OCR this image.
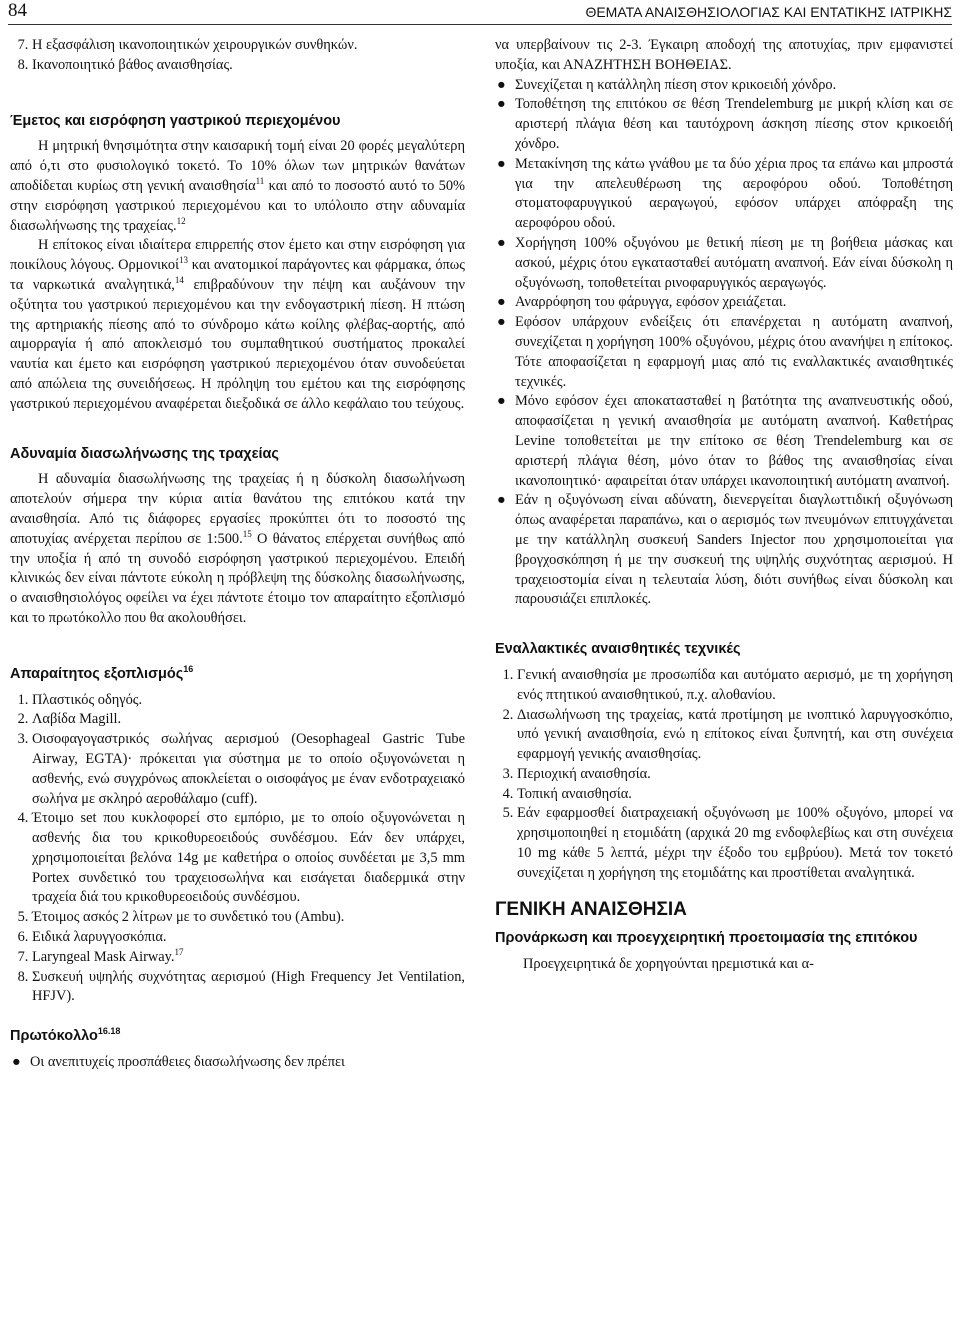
84	ΘΕΜΑΤΑ ΑΝΑΙΣΘΗΣΙΟΛΟΓΙΑΣ ΚΑΙ ΕΝΤΑΤΙΚΗΣ ΙΑΤΡΙΚΗΣ
7. Η εξασφάλιση ικανοποιητικών χειρουργικών συνθηκών.
8. Ικανοποιητικό βάθος αναισθησίας.
Έμετος και εισρόφηση γαστρικού περιεχομένου

Η μητρική θνησιμότητα στην καισαρική τομή είναι 20 φορές μεγαλύτερη από ό,τι στο φυσιολογικό τοκετό. Το 10% όλων των μητρικών θανάτων αποδίδεται κυρίως στη γενική αναισθησία$^{11}$ και από το ποσοστό αυτό το 50% στην εισρόφηση γαστρικού περιεχομένου και το υπόλοιπο στην αδυναμία διασωλήνωσης της τραχείας.$^{12}$

Η επίτοκος είναι ιδιαίτερα επιρρεπής στον έμετο και στην εισρόφηση για ποικίλους λόγους. Ορμονικοί$^{13}$ και ανατομικοί παράγοντες και φάρμακα, όπως τα ναρκωτικά αναλγητικά,$^{14}$ επιβραδύνουν την πέψη και αυξάνουν την οξύτητα του γαστρικού περιεχομένου και την ενδογαστρική πίεση. Η πτώση της αρτηριακής πίεσης από το σύνδρομο κάτω κοίλης φλέβας-αορτής, από αιμορραγία ή από αποκλεισμό του συμπαθητικού συστήματος προκαλεί ναυτία και έμετο και εισρόφηση γαστρικού περιεχομένου όταν συνοδεύεται από απώλεια της συνειδήσεως. Η πρόληψη του εμέτου και της εισρόφησης γαστρικού περιεχομένου αναφέρεται διεξοδικά σε άλλο κεφάλαιο του τεύχους.

Αδυναμία διασωλήνωσης της τραχείας

Η αδυναμία διασωλήνωσης της τραχείας ή η δύσκολη διασωλήνωση αποτελούν σήμερα την κύρια αιτία θανάτου της επιτόκου κατά την αναισθησία. Από τις διάφορες εργασίες προκύπτει ότι το ποσοστό της αποτυχίας ανέρχεται περίπου σε 1:500.15 Ο θάνατος επέρχεται συνήθως από την υποξία ή από τη συνοδό εισρόφηση γαστρικού περιεχομένου. Επειδή κλινικώς δεν είναι πάντοτε εύκολη η πρόβλεψη της δύσκολης διασωλήνωσης, ο αναισθησιολόγος οφείλει να έχει πάντοτε έτοιμο τον απαραίτητο εξοπλισμό και το πρωτόκολλο που θα ακολουθήσει.

Απαραίτητος εξοπλισμός$^{16}$
1. Πλαστικός οδηγός.
2. Λαβίδα Magill.
3. Οισοφαγογαστρικός σωλήνας αερισμού (Oesophageal Gastric Tube Airway, EGTA)· πρόκειται για σύστημα με το οποίο οξυγονώνεται η ασθενής, ενώ συγχρόνως αποκλείεται ο οισοφάγος με έναν ενδοτραχειακό σωλήνα με σκληρό αεροθάλαμο (cuff).
4. Έτοιμο set που κυκλοφορεί στο εμπόριο, με το οποίο οξυγονώνεται η ασθενής δια του κρικοθυρεοειδούς συνδέσμου. Εάν δεν υπάρχει, χρησιμοποιείται βελόνα 14g με καθετήρα ο οποίος συνδέεται με 3,5 mm Portex συνδετικό του τραχειοσωλήνα και εισάγεται διαδερμικά στην τραχεία διά του κρικοθυρεοειδούς συνδέσμου.
5. Έτοιμος ασκός 2 λίτρων με το συνδετικό του (Ambu).
6. Ειδικά λαρυγγοσκόπια.
7. Laryngeal Mask Airway.$^{17}$
8. Συσκευή υψηλής συχνότητας αερισμού (High Frequency Jet Ventilation, HFJV).
Πρωτόκολλο$^{16.18}$
● Οι ανεπιτυχείς προσπάθειες διασωλήνωσης δεν πρέπει

να υπερβαίνουν τις 2-3. Έγκαιρη αποδοχή της αποτυχίας, πριν εμφανιστεί υποξία, και ΑΝΑΖΗΤΗΣΗ ΒΟΗΘΕΙΑΣ.

● Συνεχίζεται η κατάλληλη πίεση στον κρικοειδή χόνδρο.
● Τοποθέτηση της επιτόκου σε θέση Trendelemburg με μικρή κλίση και σε αριστερή πλάγια θέση και ταυτόχρονη άσκηση πίεσης στον κρικοειδή χόνδρο.
● Μετακίνηση της κάτω γνάθου με τα δύο χέρια προς τα επάνω και μπροστά για την απελευθέρωση της αεροφόρου οδού. Τοποθέτηση στοματοφαρυγγικού αεραγωγού, εφόσον υπάρχει απόφραξη της αεροφόρου οδού.
● Χορήγηση 100% οξυγόνου με θετική πίεση με τη βοήθεια μάσκας και ασκού, μέχρις ότου εγκατασταθεί αυτόματη αναπνοή. Εάν είναι δύσκολη η οξυγόνωση, τοποθετείται ρινοφαρυγγικός αεραγωγός.
● Αναρρόφηση του φάρυγγα, εφόσον χρειάζεται.
● Εφόσον υπάρχουν ενδείξεις ότι επανέρχεται η αυτόματη αναπνοή, συνεχίζεται η χορήγηση 100% οξυγόνου, μέχρις ότου ανανήψει η επίτοκος. Τότε αποφασίζεται η εφαρμογή μιας από τις εναλλακτικές αναισθητικές τεχνικές.
● Μόνο εφόσον έχει αποκατασταθεί η βατότητα της αναπνευστικής οδού, αποφασίζεται η γενική αναισθησία με αυτόματη αναπνοή. Καθετήρας Levine τοποθετείται με την επίτοκο σε θέση Trendelemburg και σε αριστερή πλάγια θέση, μόνο όταν το βάθος της αναισθησίας είναι ικανοποιητικό· αφαιρείται όταν υπάρχει ικανοποιητική αυτόματη αναπνοή.
● Εάν η οξυγόνωση είναι αδύνατη, διενεργείται διαγλωττιδική οξυγόνωση όπως αναφέρεται παραπάνω, και ο αερισμός των πνευμόνων επιτυγχάνεται με την κατάλληλη συσκευή Sanders Injector που χρησιμοποιείται για βρογχοσκόπηση ή με την συσκευή της υψηλής συχνότητας αερισμού. Η τραχειοστομία είναι η τελευταία λύση, διότι συνήθως είναι δύσκολη και παρουσιάζει επιπλοκές.
Εναλλακτικές αναισθητικές τεχνικές
1. Γενική αναισθησία με προσωπίδα και αυτόματο αερισμό, με τη χορήγηση ενός πτητικού αναισθητικού, π.χ. αλοθανίου.
2. Διασωλήνωση της τραχείας, κατά προτίμηση με ινοπτικό λαρυγγοσκόπιο, υπό γενική αναισθησία, ενώ η επίτοκος είναι ξυπνητή, και στη συνέχεια εφαρμογή γενικής αναισθησίας.
3. Περιοχική αναισθησία.
4. Τοπική αναισθησία.
5. Εάν εφαρμοσθεί διατραχειακή οξυγόνωση με 100% οξυγόνο, μπορεί να χρησιμοποιηθεί η ετομιδάτη (αρχικά 20 mg ενδοφλεβίως και στη συνέχεια 10 mg κάθε 5 λεπτά, μέχρι την έξοδο του εμβρύου). Μετά τον τοκετό συνεχίζεται η χορήγηση της ετομιδάτης και προστίθεται αναλγητικά.
ΓΕΝΙΚΗ ΑΝΑΙΣΘΗΣΙΑ
Προνάρκωση και προεγχειρητική προετοιμασία της επιτόκου

Προεγχειρητικά δε χορηγούνται ηρεμιστικά και α-
